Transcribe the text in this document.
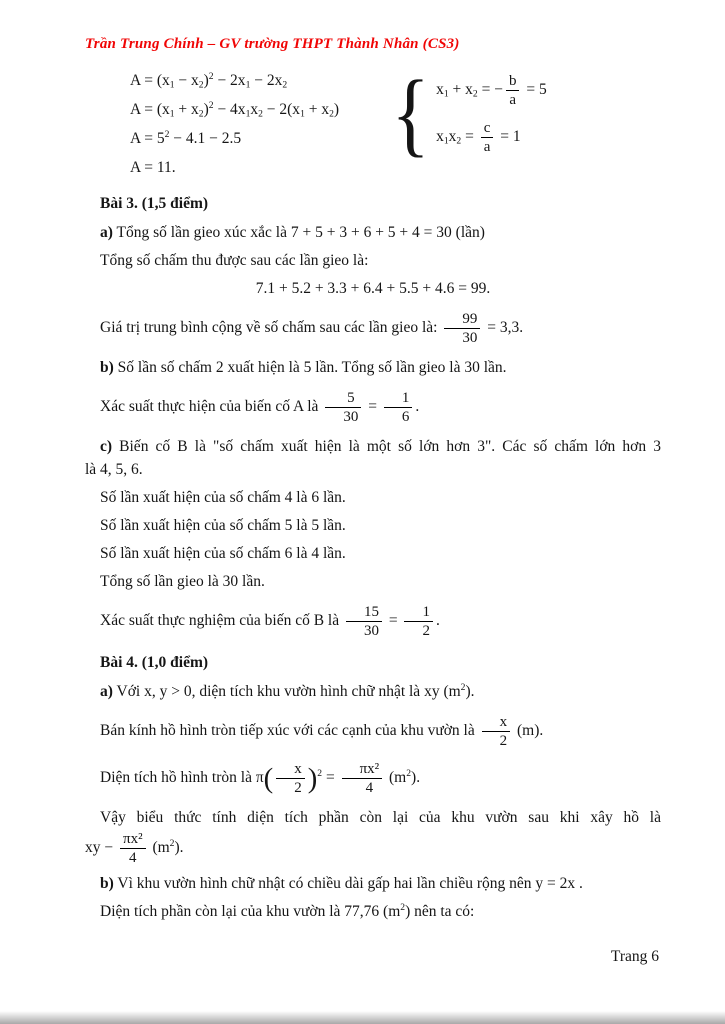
Trần Trung Chính – GV trường THPT Thành Nhân (CS3)
$A = (x_1 - x_2)^2 - 2x_1 - 2x_2$
$A = (x_1 + x_2)^2 - 4x_1x_2 - 2(x_1 + x_2)$
$A = 5^2 - 4.1 - 2.5$
A = 11.
{ $x_1 + x_2$ = − $\frac{b}{a} = 5$
$x_1x_2 = \frac{c}{a} = 1$
Bài 3. (1,5 điểm)
a) Tổng số lần gieo xúc xắc là 7 + 5 + 3 + 6 + 5 + 4 = 30 (lần)
Tổng số chấm thu được sau các lần gieo là:
7.1 + 5.2 + 3.3 + 6.4 + 5.5 + 4.6 = 99.
Giá trị trung bình cộng về số chấm sau các lần gieo là: $\frac{99}{30} = 3,3$.
b) Số lần số chấm 2 xuất hiện là 5 lần. Tổng số lần gieo là 30 lần.
Xác suất thực hiện của biến cố A là $\frac{5}{30} = \frac{1}{6}$ .
c) Biến cố B là "số chấm xuất hiện là một số lớn hơn 3". Các số chấm lớn hơn 3
là 4, 5, 6.
Số lần xuất hiện của số chấm 4 là 6 lần.
Số lần xuất hiện của số chấm 5 là 5 lần.
Số lần xuất hiện của số chấm 6 là 4 lần.
Tổng số lần gieo là 30 lần.
Xác suất thực nghiệm của biến cố B là $\frac{15}{30} = \frac{1}{2}$ .
Bài 4. (1,0 điểm)
a) Với x, y > 0, diện tích khu vườn hình chữ nhật là xy $(m^2)$.
Bán kính hồ hình tròn tiếp xúc với các cạnh của khu vườn là $\frac{x}{2} (m)$.
Diện tích hồ hình tròn là $\pi( \frac{x}{2} )^2 = \frac{\text{πx²}}{4} (m^2)$.
Vậy biểu thức tính diện tích phần còn lại của khu vườn sau khi xây hồ là
xy − $\frac{\text{πx²}}{4} (m^2)$.
b) Vì khu vườn hình chữ nhật có chiều dài gấp hai lần chiều rộng nên y = 2x .
Diện tích phần còn lại của khu vườn là 77,76 $(m^2)$ nên ta có:
Trang 6
